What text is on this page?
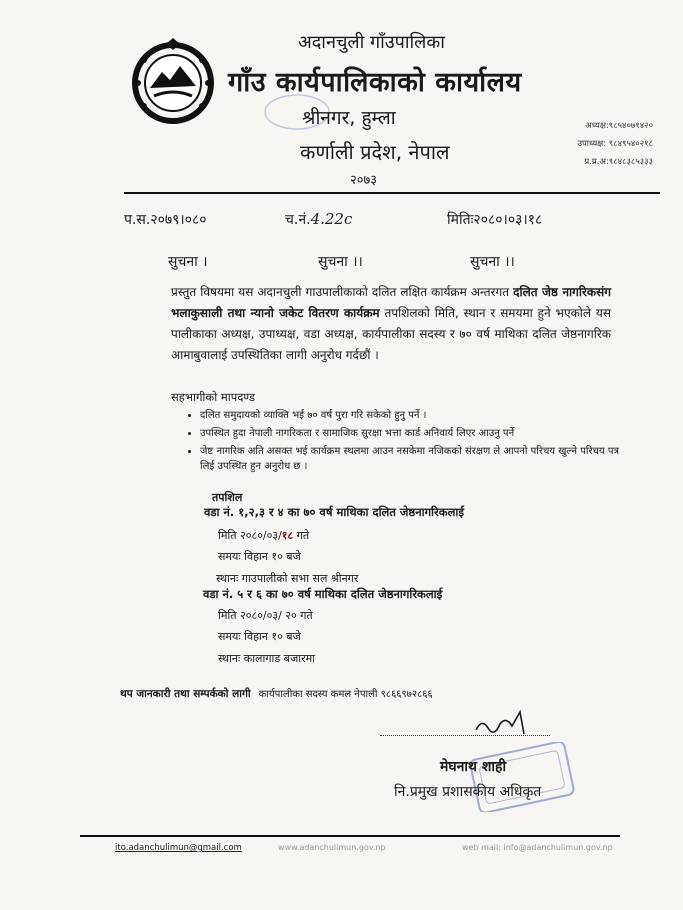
अदानचुली गाँउपालिका
गाँउ कार्यपालिकाको कार्यालय
श्रीनगर, हुम्ला
कर्णाली प्रदेश, नेपाल
२०७३
अध्यक्ष:९८५४०७१४२०
उपाध्यक्ष: ९८४९५४०२१८
प्र.प्र.अ:९८४८३८५३३३
प.स.२०७९।०८०	च.नं.4.22c	मितिः२०८०।०३।१८
सुचना ।	सुचना ।।	सुचना ।।
प्रस्तुत विषयमा यस अदानचुली गाउपालीकाको दलित लक्षित कार्यक्रम अन्तरगत दलित जेष्ठ नागरिकसंग भलाकुसाली तथा न्यानो जकेट वितरण कार्यक्रम तपशिलको मिति, स्थान र समयमा हुने भएकोले यस पालीकाका अध्यक्ष, उपाध्यक्ष, वडा अध्यक्ष, कार्यपालीका सदस्य र ७० वर्ष माथिका दलित जेष्ठनागरिक आमाबुवालाई उपस्थितिका लागी अनुरोध गर्दछौं ।
सहभागीको मापदण्ड
• दलित समुदायको व्याक्ति भई ७० वर्ष पुरा गरि सकेको हुनु पर्ने ।
• उपस्थित हुदा नेपाली नागरिकता र सामाजिक सुरक्षा भत्ता कार्ड अनिवार्य लिएर आउनु पर्ने
• जेष्ट नागरिक अति असक्त भई कार्यक्रम स्थलमा आउन नसकेमा नजिकको संरक्षण ले आपनो परिचय खुल्ने परिचय पत्र लिई उपस्थित हुन अनुरोध छ ।
तपशिल
वडा नं. १,२,३ र ४ का ७० वर्ष माथिका दलित जेष्ठनागरिकलाई
मिति २०८०/०३/१८ गते
समयः विहान १० बजे
स्थानः गाउपालीको सभा सल श्रीनगर
वडा नं. ५ र ६ का ७० वर्ष माथिका दलित जेष्ठनागरिकलाई
मिति २०८०/०३/ २० गते
समयः विहान १० बजे
स्थानः कालागाड बजारमा
थप जानकारी तथा सम्पर्कको लागी कार्यपालीका सदस्य कमल नेपाली ९८६६९७२८६६
मेघनाथ शाही
नि.प्रमुख प्रशासकीय अधिकृत
ito.adanchulimun@gmail.com	www.adanchulimun.gov.np	web mail: info@adanchulimun.gov.np
